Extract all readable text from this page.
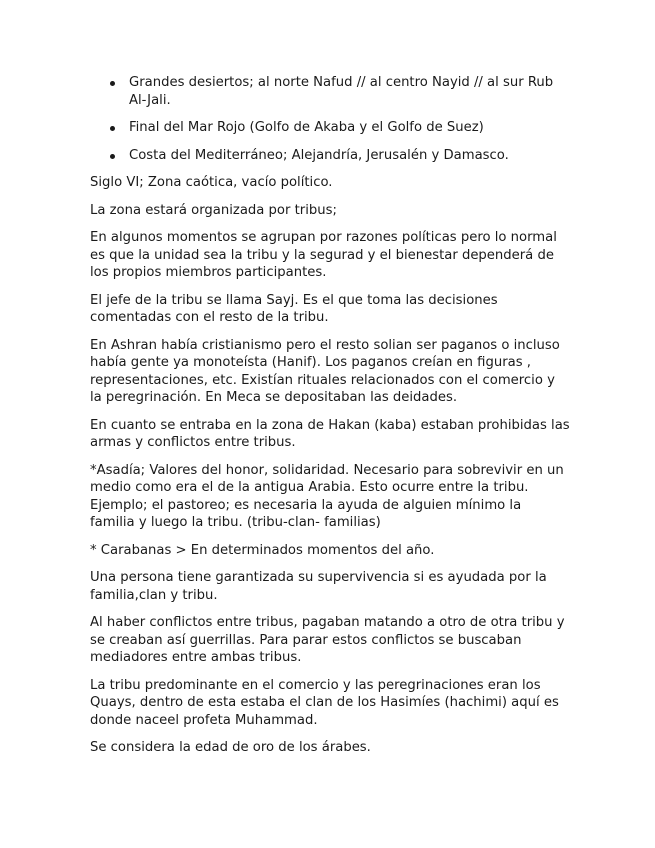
Grandes desiertos; al norte Nafud // al centro Nayid // al sur Rub Al-Jali.
Final del Mar Rojo (Golfo de Akaba y el Golfo de Suez)
Costa del Mediterráneo; Alejandría, Jerusalén y Damasco.

Siglo VI; Zona caótica, vacío político.

La zona estará organizada por tribus;

En algunos momentos se agrupan por razones políticas pero lo normal es que la unidad sea la tribu y la segurad y el bienestar dependerá de los propios miembros participantes.

El jefe de la tribu se llama Sayj. Es el que toma las decisiones comentadas con el resto de la tribu.

En Ashran había cristianismo pero el resto solian ser paganos o incluso había gente ya monoteísta (Hanif). Los paganos creían en figuras , representaciones, etc. Existían rituales relacionados con el comercio y la peregrinación. En Meca se depositaban las deidades.

En cuanto se entraba en la zona de Hakan (kaba) estaban prohibidas las armas y conflictos entre tribus.

*Asadía; Valores del honor, solidaridad. Necesario para sobrevivir en un medio como era el de la antigua Arabia. Esto ocurre entre la tribu. Ejemplo; el pastoreo; es necesaria la ayuda de alguien mínimo la familia y luego la tribu. (tribu-clan- familias)

* Carabanas > En determinados momentos del año.

Una persona tiene garantizada su supervivencia si es ayudada por la familia,clan y tribu.

Al haber conflictos entre tribus, pagaban matando a otro de otra tribu y se creaban así guerrillas. Para parar estos conflictos se buscaban mediadores entre ambas tribus.

La tribu predominante en el comercio y las peregrinaciones eran los Quays, dentro de esta estaba el clan de los Hasimíes (hachimi) aquí es donde naceel profeta Muhammad.

Se considera la edad de oro de los árabes.
